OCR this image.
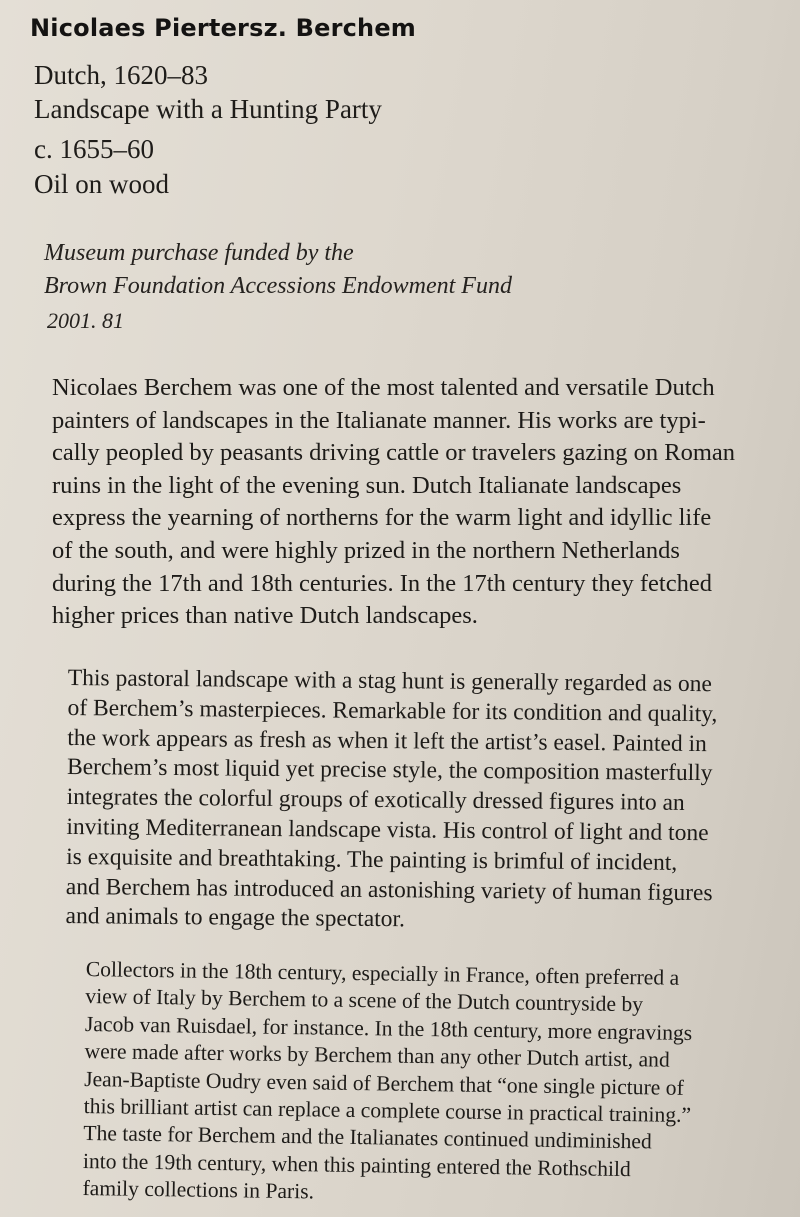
Nicolaes Piertersz. Berchem

Dutch, 1620–83

Landscape with a Hunting Party

c. 1655–60

Oil on wood

Museum purchase funded by the

Brown Foundation Accessions Endowment Fund

2001. 81

Nicolaes Berchem was one of the most talented and versatile Dutch
painters of landscapes in the Italianate manner. His works are typi-
cally peopled by peasants driving cattle or travelers gazing on Roman
ruins in the light of the evening sun. Dutch Italianate landscapes
express the yearning of northerns for the warm light and idyllic life
of the south, and were highly prized in the northern Netherlands
during the 17th and 18th centuries. In the 17th century they fetched
higher prices than native Dutch landscapes.
This pastoral landscape with a stag hunt is generally regarded as one
of Berchem’s masterpieces. Remarkable for its condition and quality,
the work appears as fresh as when it left the artist’s easel. Painted in
Berchem’s most liquid yet precise style, the composition masterfully
integrates the colorful groups of exotically dressed figures into an
inviting Mediterranean landscape vista. His control of light and tone
is exquisite and breathtaking. The painting is brimful of incident,
and Berchem has introduced an astonishing variety of human figures
and animals to engage the spectator.
Collectors in the 18th century, especially in France, often preferred a
view of Italy by Berchem to a scene of the Dutch countryside by
Jacob van Ruisdael, for instance. In the 18th century, more engravings
were made after works by Berchem than any other Dutch artist, and
Jean-Baptiste Oudry even said of Berchem that “one single picture of
this brilliant artist can replace a complete course in practical training.”
The taste for Berchem and the Italianates continued undiminished
into the 19th century, when this painting entered the Rothschild
family collections in Paris.
